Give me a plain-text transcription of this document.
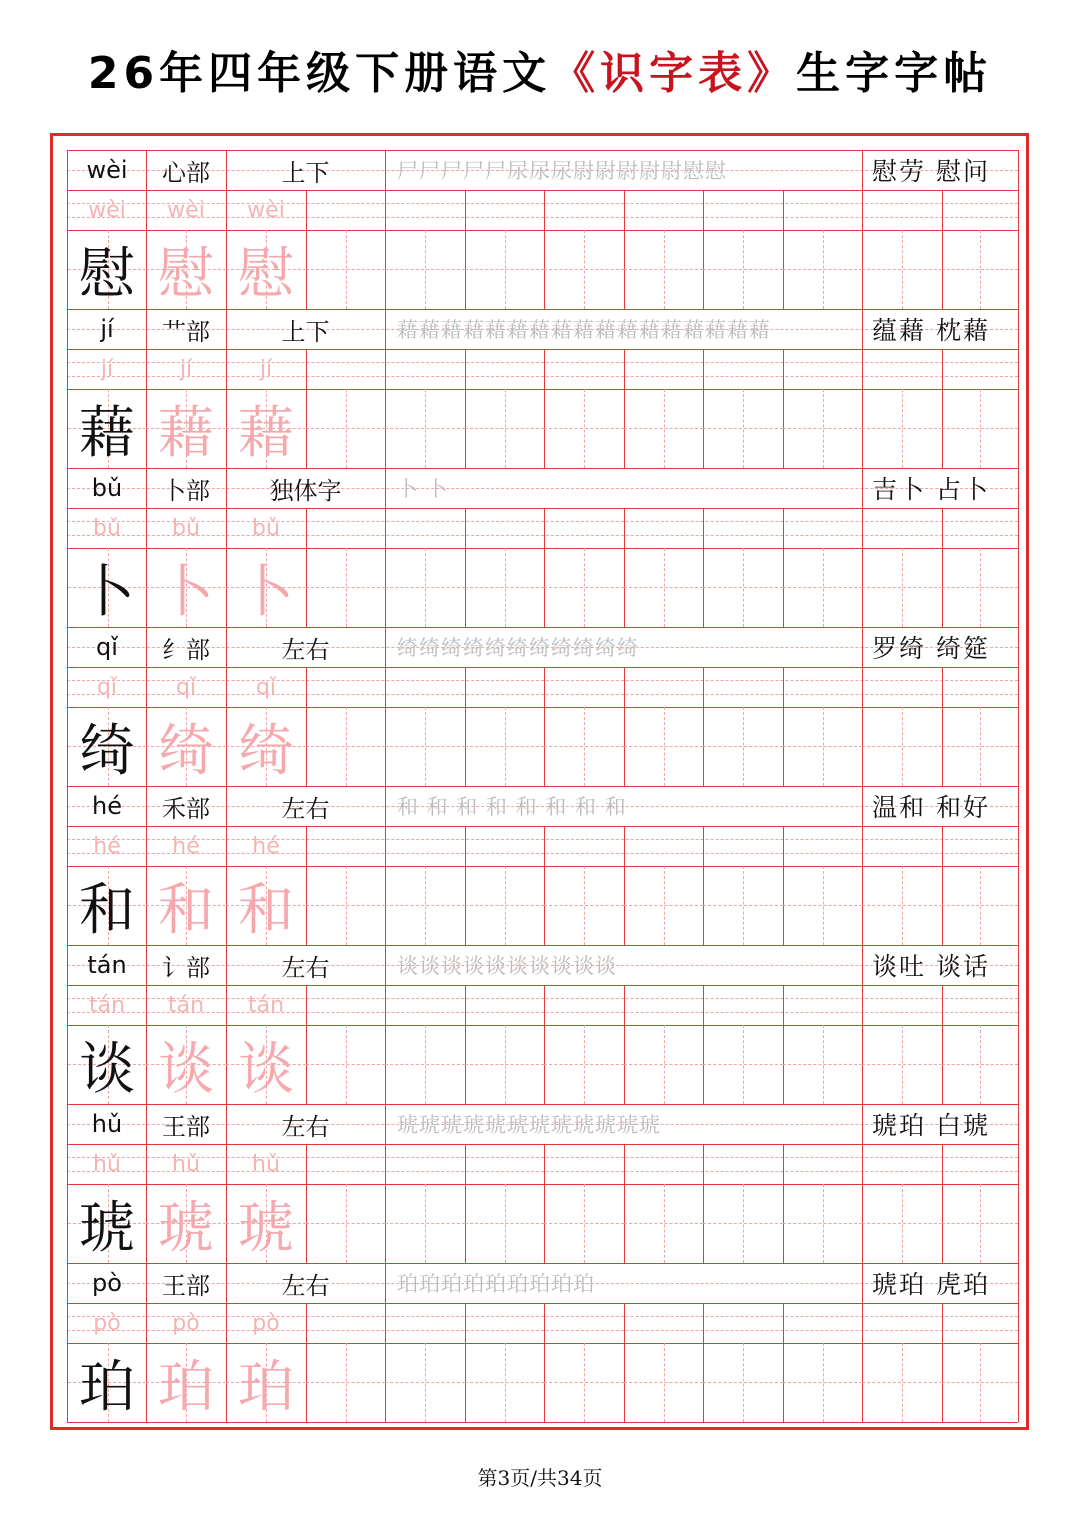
26年四年级下册语文《识字表》生字字帖
wèi	心部	上下	尸尸尸尸尸尿尿尿尉尉尉尉尉慰慰	慰劳 慰问
wèi	wèi	wèi
慰 慰 慰
jí	艹部	上下	藉藉藉藉藉藉藉藉藉藉藉藉藉藉藉藉藉	蕴藉 枕藉
jí	jí	jí
藉 藉 藉
bǔ	卜部	独体字	卜 卜	吉卜 占卜
bǔ	bǔ	bǔ
卜 卜 卜
qǐ	纟部	左右	绮绮绮绮绮绮绮绮绮绮绮	罗绮 绮筵
qǐ	qǐ	qǐ
绮 绮 绮
hé	禾部	左右	和 和 和 和 和 和 和 和	温和 和好
hé	hé	hé
和 和 和
tán	讠部	左右	谈谈谈谈谈谈谈谈谈谈	谈吐 谈话
tán	tán	tán
谈 谈 谈
hǔ	王部	左右	琥琥琥琥琥琥琥琥琥琥琥琥	琥珀 白琥
hǔ	hǔ	hǔ
琥 琥 琥
pò	王部	左右	珀珀珀珀珀珀珀珀珀	琥珀 虎珀
pò	pò	pò
珀 珀 珀
第3页/共34页
